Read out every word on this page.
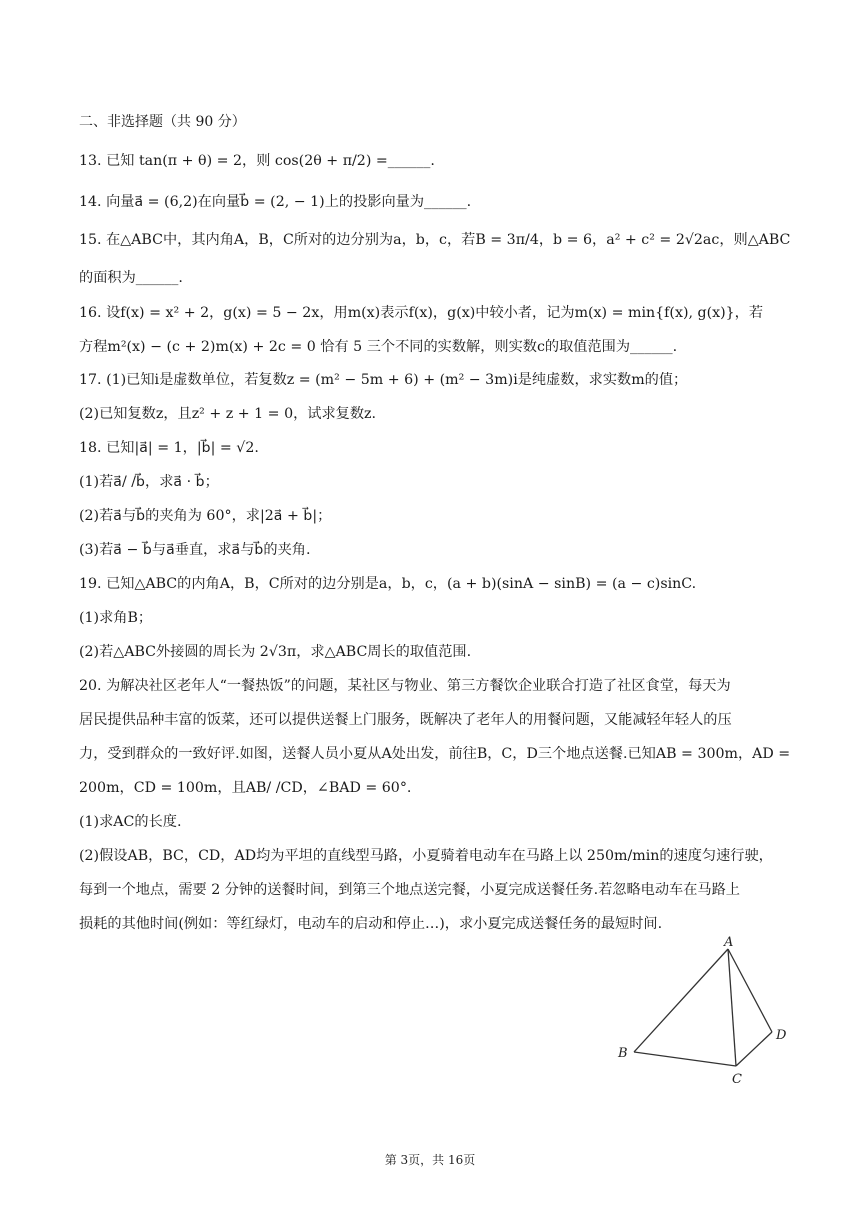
二、非选择题（共 90 分）
13. 已知 tan(π + θ) = 2，则 cos(2θ + π/2) =______.
14. 向量a⃗ = (6,2)在向量b⃗ = (2, − 1)上的投影向量为______.
15. 在△ABC中，其内角A，B，C所对的边分别为a，b，c，若B = 3π/4，b = 6，a² + c² = 2√2ac，则△ABC
的面积为______.
16. 设f(x) = x² + 2，g(x) = 5 − 2x，用m(x)表示f(x)，g(x)中较小者，记为m(x) = min{f(x), g(x)}，若
方程m²(x) − (c + 2)m(x) + 2c = 0 恰有 5 三个不同的实数解，则实数c的取值范围为______.
17. (1)已知i是虚数单位，若复数z = (m² − 5m + 6) + (m² − 3m)i是纯虚数，求实数m的值；
(2)已知复数z，且z² + z + 1 = 0，试求复数z.
18. 已知|a⃗| = 1，|b⃗| = √2.
(1)若a⃗/ /b⃗，求a⃗ · b⃗；
(2)若a⃗与b⃗的夹角为 60°，求|2a⃗ + b⃗|；
(3)若a⃗ − b⃗与a⃗垂直，求a⃗与b⃗的夹角.
19. 已知△ABC的内角A，B，C所对的边分别是a，b，c，(a + b)(sinA − sinB) = (a − c)sinC.
(1)求角B；
(2)若△ABC外接圆的周长为 2√3π，求△ABC周长的取值范围.
20. 为解决社区老年人“一餐热饭”的问题，某社区与物业、第三方餐饮企业联合打造了社区食堂，每天为
居民提供品种丰富的饭菜，还可以提供送餐上门服务，既解决了老年人的用餐问题，又能减轻年轻人的压
力，受到群众的一致好评.如图，送餐人员小夏从A处出发，前往B，C，D三个地点送餐.已知AB = 300m，AD =
200m，CD = 100m，且AB/ /CD，∠BAD = 60°.
(1)求AC的长度.
(2)假设AB，BC，CD，AD均为平坦的直线型马路，小夏骑着电动车在马路上以 250m/min的速度匀速行驶，
每到一个地点，需要 2 分钟的送餐时间，到第三个地点送完餐，小夏完成送餐任务.若忽略电动车在马路上
损耗的其他时间(例如：等红绿灯，电动车的启动和停止…)，求小夏完成送餐任务的最短时间.
A
B
C
D
第 3页，共 16页
